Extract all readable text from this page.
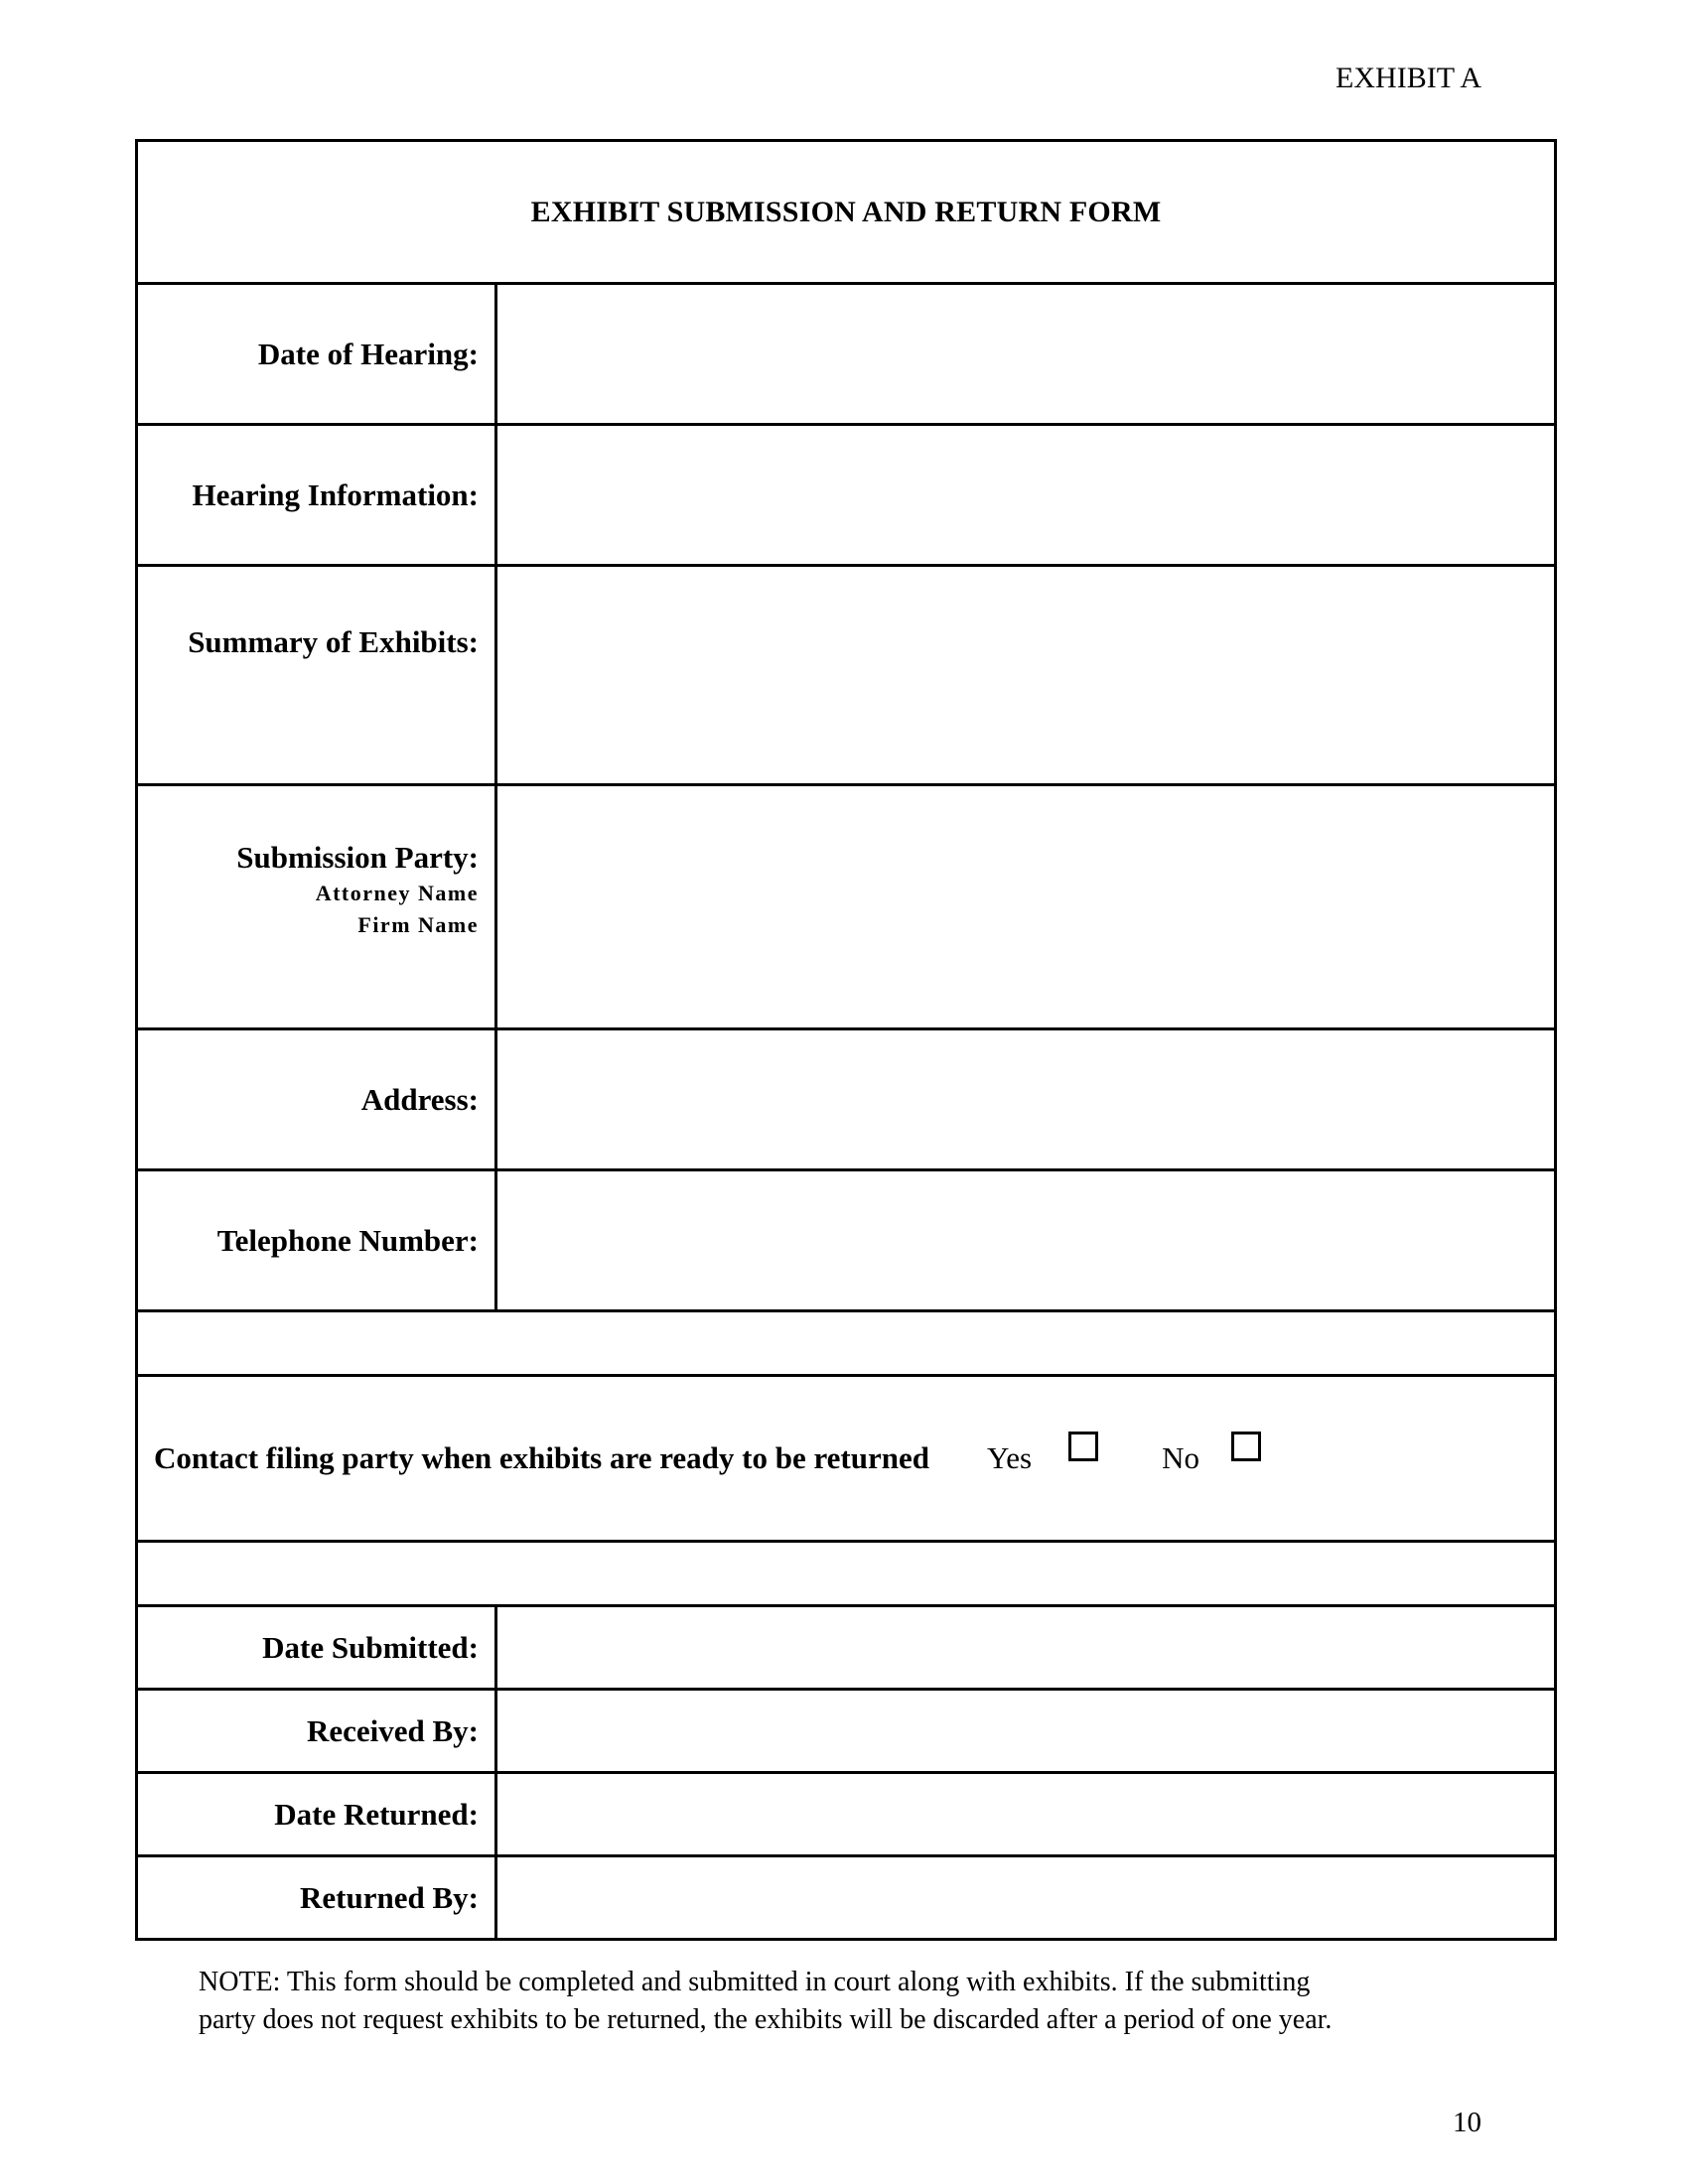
EXHIBIT A
EXHIBIT SUBMISSION AND RETURN FORM
Date of Hearing:
Hearing Information:
Summary of Exhibits:
Submission Party:
Attorney Name
Firm Name
Address:
Telephone Number:
Contact filing party when exhibits are ready to be returned Yes	No
Date Submitted:
Received By:
Date Returned:
Returned By:

NOTE: This form should be completed and submitted in court along with exhibits. If the submitting

party does not request exhibits to be returned, the exhibits will be discarded after a period of one year.

10
